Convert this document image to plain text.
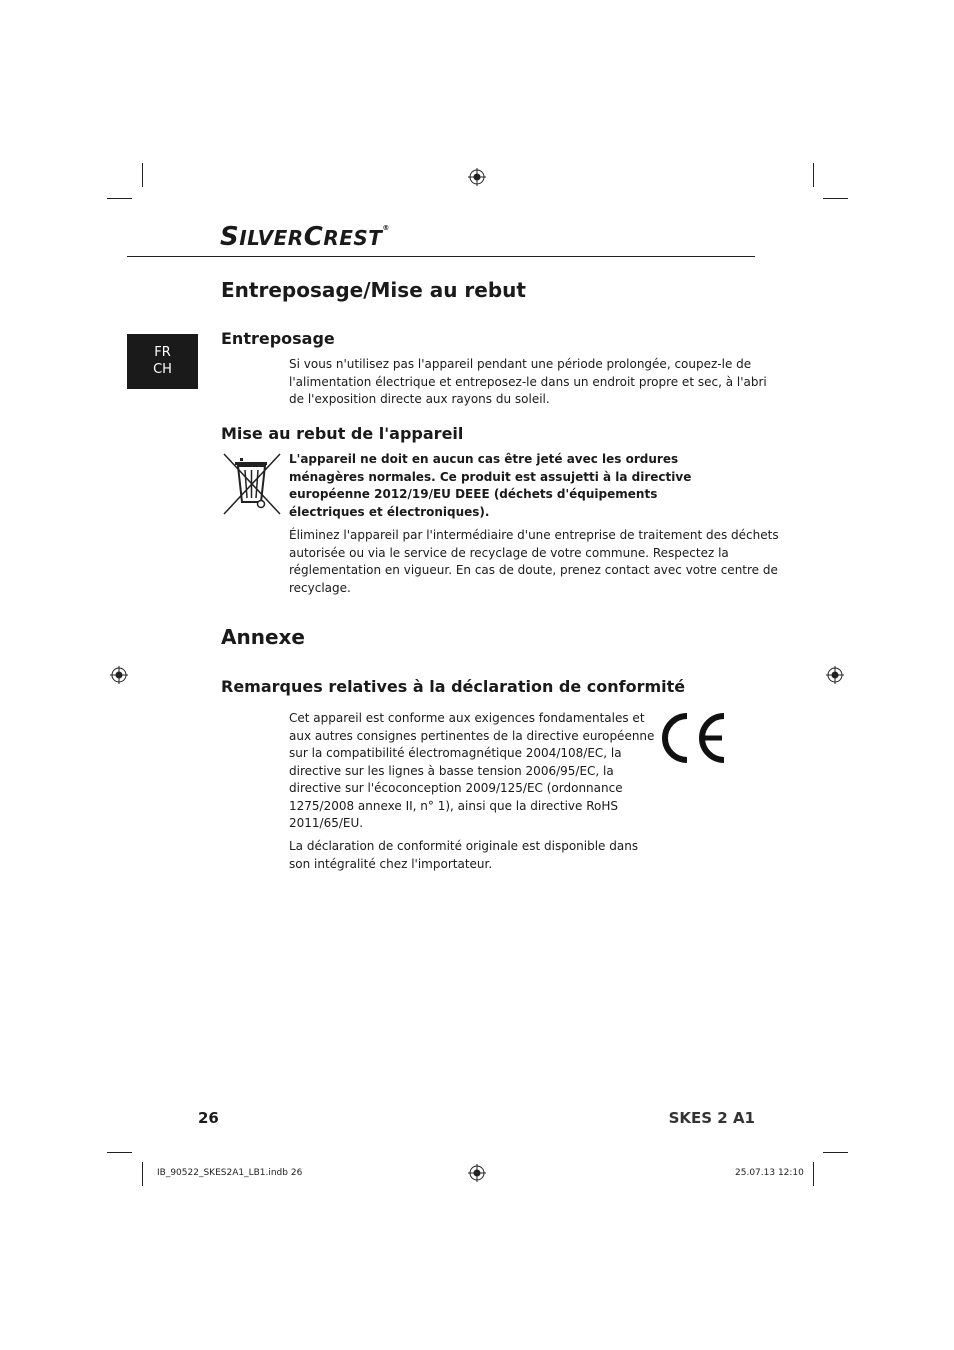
SILVERCREST®
FR
CH
Entreposage/Mise au rebut
Entreposage
Si vous n'utilisez pas l'appareil pendant une période prolongée, coupez-le de
l'alimentation électrique et entreposez-le dans un endroit propre et sec, à l'abri
de l'exposition directe aux rayons du soleil.
Mise au rebut de l'appareil
L'appareil ne doit en aucun cas être jeté avec les ordures
ménagères normales. Ce produit est assujetti à la directive
européenne 2012/19/EU DEEE (déchets d'équipements
électriques et électroniques).
Éliminez l'appareil par l'intermédiaire d'une entreprise de traitement des déchets
autorisée ou via le service de recyclage de votre commune. Respectez la
réglementation en vigueur. En cas de doute, prenez contact avec votre centre de
recyclage.
Annexe
Remarques relatives à la déclaration de conformité
Cet appareil est conforme aux exigences fondamentales et
aux autres consignes pertinentes de la directive européenne
sur la compatibilité électromagnétique 2004/108/EC, la
directive sur les lignes à basse tension 2006/95/EC, la
directive sur l'écoconception 2009/125/EC (ordonnance
1275/2008 annexe II, n° 1), ainsi que la directive RoHS
2011/65/EU.
La déclaration de conformité originale est disponible dans
son intégralité chez l'importateur.
26	SKES 2 A1
IB_90522_SKES2A1_LB1.indb 26	25.07.13 12:10
